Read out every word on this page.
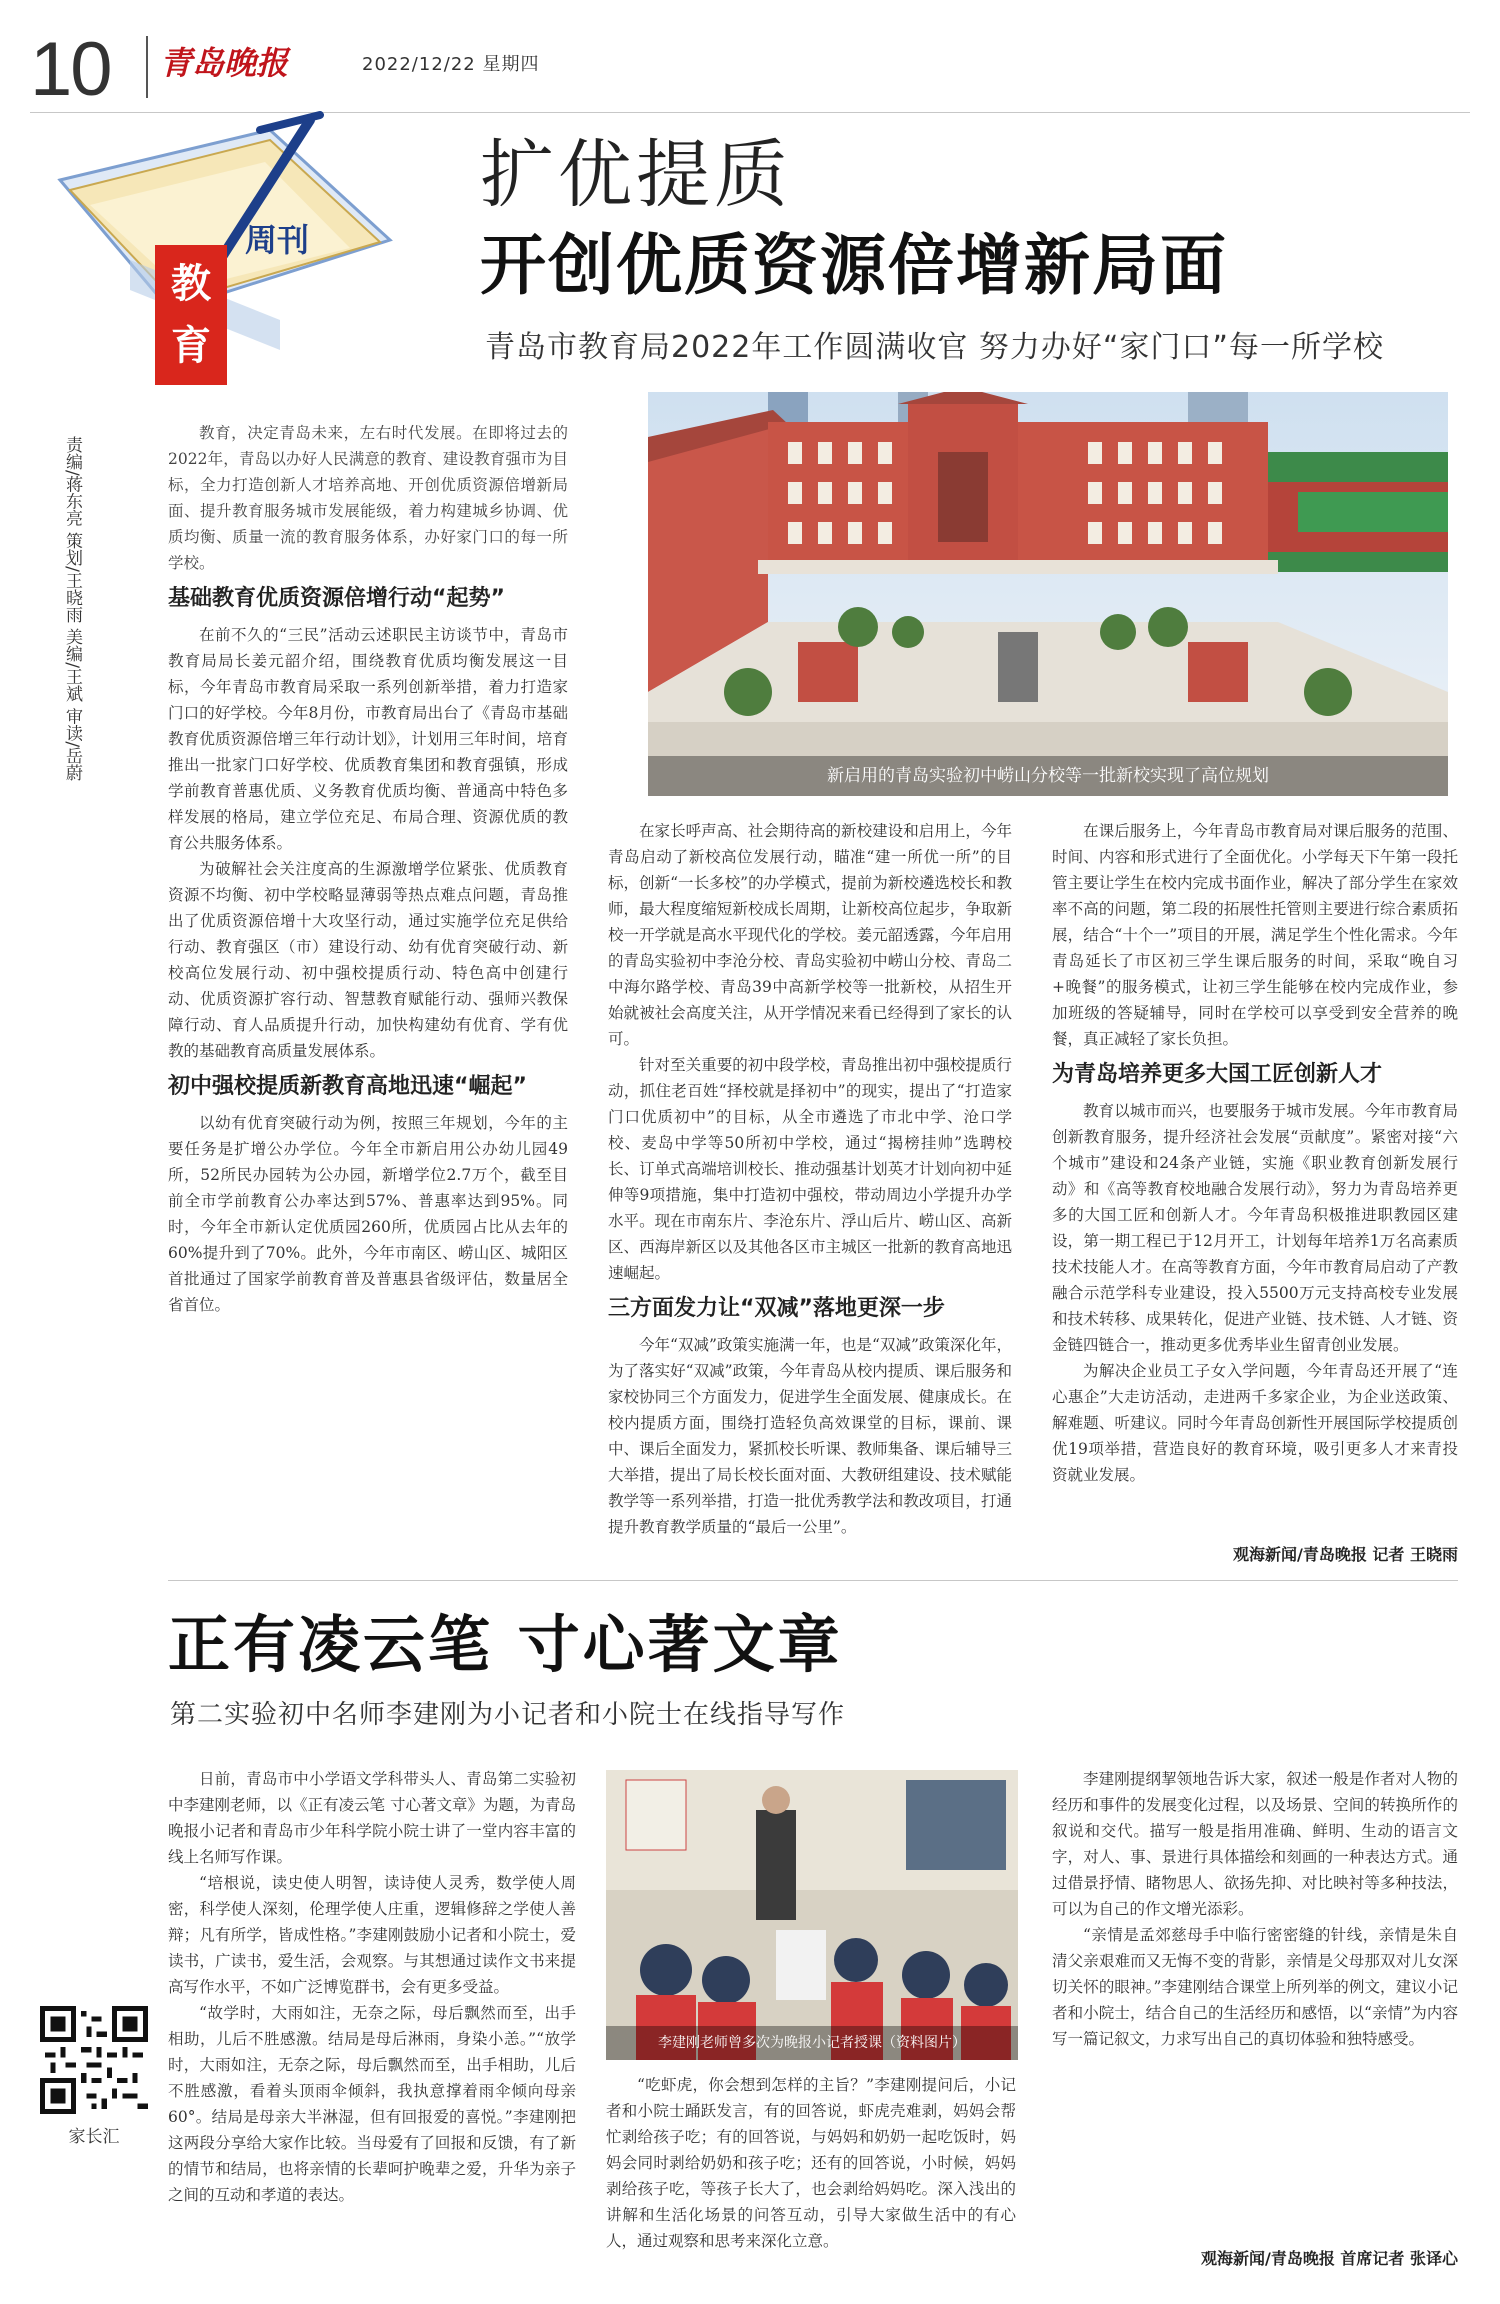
10 青岛晚报	2022/12/22 星期四
教育
周刊
扩优提质
开创优质资源倍增新局面
青岛市教育局2022年工作圆满收官 努力办好“家门口”每一所学校
责编/蒋东亮 策划/王晓雨 美编/王斌 审读/岳蔚

教育，决定青岛未来，左右时代发展。在即将过去的2022年，青岛以办好人民满意的教育、建设教育强市为目标，全力打造创新人才培养高地、开创优质资源倍增新局面、提升教育服务城市发展能级，着力构建城乡协调、优质均衡、质量一流的教育服务体系，办好家门口的每一所学校。

基础教育优质资源倍增行动“起势”

在前不久的“三民”活动云述职民主访谈节中，青岛市教育局局长姜元韶介绍，围绕教育优质均衡发展这一目标，今年青岛市教育局采取一系列创新举措，着力打造家门口的好学校。今年8月份，市教育局出台了《青岛市基础教育优质资源倍增三年行动计划》，计划用三年时间，培育推出一批家门口好学校、优质教育集团和教育强镇，形成学前教育普惠优质、义务教育优质均衡、普通高中特色多样发展的格局，建立学位充足、布局合理、资源优质的教育公共服务体系。

为破解社会关注度高的生源激增学位紧张、优质教育资源不均衡、初中学校略显薄弱等热点难点问题，青岛推出了优质资源倍增十大攻坚行动，通过实施学位充足供给行动、教育强区（市）建设行动、幼有优育突破行动、新校高位发展行动、初中强校提质行动、特色高中创建行动、优质资源扩容行动、智慧教育赋能行动、强师兴教保障行动、育人品质提升行动，加快构建幼有优育、学有优教的基础教育高质量发展体系。

初中强校提质新教育高地迅速“崛起”

以幼有优育突破行动为例，按照三年规划，今年的主要任务是扩增公办学位。今年全市新启用公办幼儿园49所，52所民办园转为公办园，新增学位2.7万个，截至目前全市学前教育公办率达到57%、普惠率达到95%。同时，今年全市新认定优质园260所，优质园占比从去年的60%提升到了70%。此外，今年市南区、崂山区、城阳区首批通过了国家学前教育普及普惠县省级评估，数量居全省首位。

新启用的青岛实验初中崂山分校等一批新校实现了高位规划

在家长呼声高、社会期待高的新校建设和启用上，今年青岛启动了新校高位发展行动，瞄准“建一所优一所”的目标，创新“一长多校”的办学模式，提前为新校遴选校长和教师，最大程度缩短新校成长周期，让新校高位起步，争取新校一开学就是高水平现代化的学校。姜元韶透露，今年启用的青岛实验初中李沧分校、青岛实验初中崂山分校、青岛二中海尔路学校、青岛39中高新学校等一批新校，从招生开始就被社会高度关注，从开学情况来看已经得到了家长的认可。

针对至关重要的初中段学校，青岛推出初中强校提质行动，抓住老百姓“择校就是择初中”的现实，提出了“打造家门口优质初中”的目标，从全市遴选了市北中学、沧口学校、麦岛中学等50所初中学校，通过“揭榜挂帅”选聘校长、订单式高端培训校长、推动强基计划英才计划向初中延伸等9项措施，集中打造初中强校，带动周边小学提升办学水平。现在市南东片、李沧东片、浮山后片、崂山区、高新区、西海岸新区以及其他各区市主城区一批新的教育高地迅速崛起。

三方面发力让“双减”落地更深一步

今年“双减”政策实施满一年，也是“双减”政策深化年，为了落实好“双减”政策，今年青岛从校内提质、课后服务和家校协同三个方面发力，促进学生全面发展、健康成长。在校内提质方面，围绕打造轻负高效课堂的目标，课前、课中、课后全面发力，紧抓校长听课、教师集备、课后辅导三大举措，提出了局长校长面对面、大教研组建设、技术赋能教学等一系列举措，打造一批优秀教学法和教改项目，打通提升教育教学质量的“最后一公里”。

在课后服务上，今年青岛市教育局对课后服务的范围、时间、内容和形式进行了全面优化。小学每天下午第一段托管主要让学生在校内完成书面作业，解决了部分学生在家效率不高的问题，第二段的拓展性托管则主要进行综合素质拓展，结合“十个一”项目的开展，满足学生个性化需求。今年青岛延长了市区初三学生课后服务的时间，采取“晚自习+晚餐”的服务模式，让初三学生能够在校内完成作业，参加班级的答疑辅导，同时在学校可以享受到安全营养的晚餐，真正减轻了家长负担。

为青岛培养更多大国工匠创新人才

教育以城市而兴，也要服务于城市发展。今年市教育局创新教育服务，提升经济社会发展“贡献度”。紧密对接“六个城市”建设和24条产业链，实施《职业教育创新发展行动》和《高等教育校地融合发展行动》，努力为青岛培养更多的大国工匠和创新人才。今年青岛积极推进职教园区建设，第一期工程已于12月开工，计划每年培养1万名高素质技术技能人才。在高等教育方面，今年市教育局启动了产教融合示范学科专业建设，投入5500万元支持高校专业发展和技术转移、成果转化，促进产业链、技术链、人才链、资金链四链合一，推动更多优秀毕业生留青创业发展。

为解决企业员工子女入学问题，今年青岛还开展了“连心惠企”大走访活动，走进两千多家企业，为企业送政策、解难题、听建议。同时今年青岛创新性开展国际学校提质创优19项举措，营造良好的教育环境，吸引更多人才来青投资就业发展。

观海新闻/青岛晚报 记者 王晓雨
正有凌云笔 寸心著文章
第二实验初中名师李建刚为小记者和小院士在线指导写作

日前，青岛市中小学语文学科带头人、青岛第二实验初中李建刚老师，以《正有凌云笔 寸心著文章》为题，为青岛晚报小记者和青岛市少年科学院小院士讲了一堂内容丰富的线上名师写作课。

“培根说，读史使人明智，读诗使人灵秀，数学使人周密，科学使人深刻，伦理学使人庄重，逻辑修辞之学使人善辩；凡有所学，皆成性格。”李建刚鼓励小记者和小院士，爱读书，广读书，爱生活，会观察。与其想通过读作文书来提高写作水平，不如广泛博览群书，会有更多受益。

“故学时，大雨如注，无奈之际，母后飘然而至，出手相助，儿后不胜感激。结局是母后淋雨，身染小恙。”“放学时，大雨如注，无奈之际，母后飘然而至，出手相助，儿后不胜感激，看着头顶雨伞倾斜，我执意撑着雨伞倾向母亲60°。结局是母亲大半淋湿，但有回报爱的喜悦。”李建刚把这两段分享给大家作比较。当母爱有了回报和反馈，有了新的情节和结局，也将亲情的长辈呵护晚辈之爱，升华为亲子之间的互动和孝道的表达。

李建刚老师曾多次为晚报小记者授课（资料图片）

“吃虾虎，你会想到怎样的主旨？”李建刚提问后，小记者和小院士踊跃发言，有的回答说，虾虎壳难剥，妈妈会帮忙剥给孩子吃；有的回答说，与妈妈和奶奶一起吃饭时，妈妈会同时剥给奶奶和孩子吃；还有的回答说，小时候，妈妈剥给孩子吃，等孩子长大了，也会剥给妈妈吃。深入浅出的讲解和生活化场景的问答互动，引导大家做生活中的有心人，通过观察和思考来深化立意。

李建刚提纲挈领地告诉大家，叙述一般是作者对人物的经历和事件的发展变化过程，以及场景、空间的转换所作的叙说和交代。描写一般是指用准确、鲜明、生动的语言文字，对人、事、景进行具体描绘和刻画的一种表达方式。通过借景抒情、睹物思人、欲扬先抑、对比映衬等多种技法，可以为自己的作文增光添彩。

“亲情是孟郊慈母手中临行密密缝的针线，亲情是朱自清父亲艰难而又无悔不变的背影，亲情是父母那双对儿女深切关怀的眼神。”李建刚结合课堂上所列举的例文，建议小记者和小院士，结合自己的生活经历和感悟，以“亲情”为内容写一篇记叙文，力求写出自己的真切体验和独特感受。

观海新闻/青岛晚报 首席记者 张译心
家长汇
